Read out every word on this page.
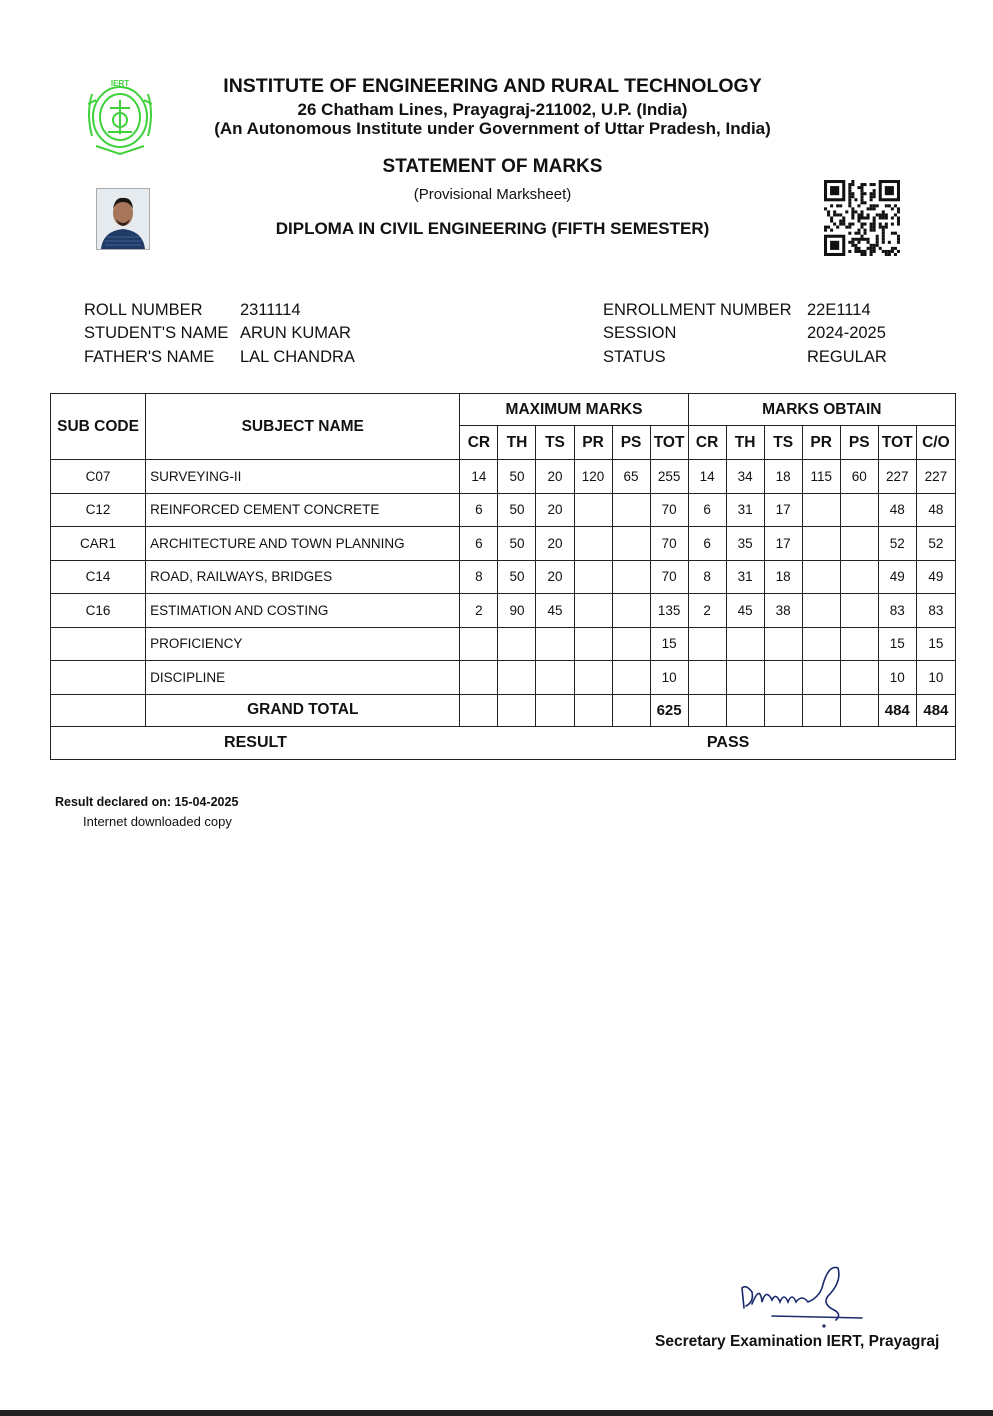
IERT	INSTITUTE OF ENGINEERING AND RURAL TECHNOLOGY
26 Chatham Lines, Prayagraj-211002, U.P. (India)
(An Autonomous Institute under Government of Uttar Pradesh, India)
STATEMENT OF MARKS
(Provisional Marksheet)
DIPLOMA IN CIVIL ENGINEERING (FIFTH SEMESTER)
ROLL NUMBER 2311114
STUDENT'S NAME ARUN KUMAR
FATHER'S NAME LAL CHANDRA
ENROLLMENT NUMBER 22E1114
SESSION	2024-2025
STATUS	REGULAR
SUB CODE	SUBJECT NAME	MAXIMUM MARKS						MARKS OBTAIN						
		CR	TH	TS	PR	PS	TOT	CR	TH	TS	PR	PS	TOT	C/O
C07	SURVEYING-II	14	50	20	120	65	255	14	34	18	115	60	227	227
C12	REINFORCED CEMENT CONCRETE	6	50	20			70	6	31	17			48	48
CAR1	ARCHITECTURE AND TOWN PLANNING	6	50	20			70	6	35	17			52	52
C14	ROAD, RAILWAYS, BRIDGES	8	50	20			70	8	31	18			49	49
C16	ESTIMATION AND COSTING	2	90	45			135	2	45	38			83	83
	PROFICIENCY						15						15	15
	DISCIPLINE						10						10	10
	GRAND TOTAL						625						484	484
RESULT		PASS												
Result declared on: 15-04-2025
Internet downloaded copy
Secretary Examination IERT, Prayagraj
